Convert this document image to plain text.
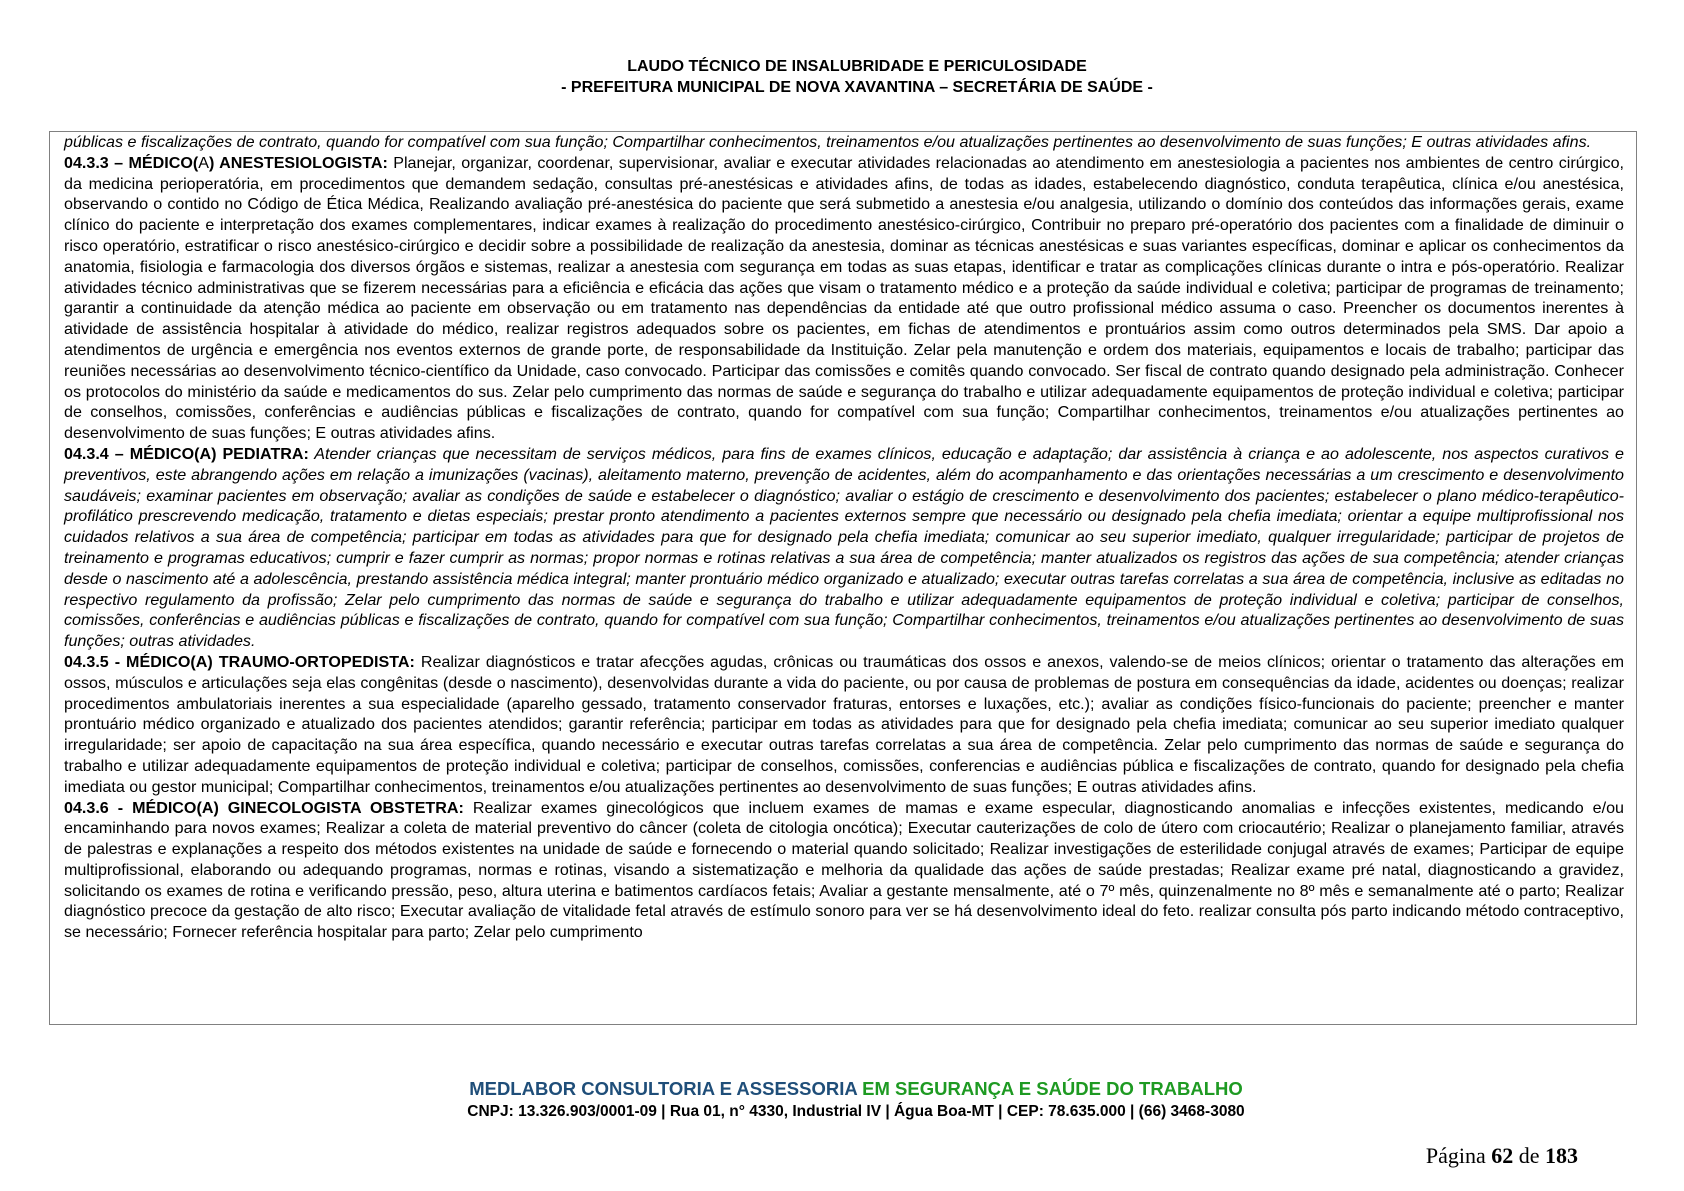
LAUDO TÉCNICO DE INSALUBRIDADE E PERICULOSIDADE
- PREFEITURA MUNICIPAL DE NOVA XAVANTINA – SECRETÁRIA DE SAÚDE -
públicas e fiscalizações de contrato, quando for compatível com sua função; Compartilhar conhecimentos, treinamentos e/ou atualizações pertinentes ao desenvolvimento de suas funções; E outras atividades afins.
04.3.3 – MÉDICO(A) ANESTESIOLOGISTA: Planejar, organizar, coordenar, supervisionar, avaliar e executar atividades relacionadas ao atendimento em anestesiologia a pacientes nos ambientes de centro cirúrgico, da medicina perioperatória, em procedimentos que demandem sedação, consultas pré-anestésicas e atividades afins, de todas as idades, estabelecendo diagnóstico, conduta terapêutica, clínica e/ou anestésica, observando o contido no Código de Ética Médica, Realizando avaliação pré-anestésica do paciente que será submetido a anestesia e/ou analgesia, utilizando o domínio dos conteúdos das informações gerais, exame clínico do paciente e interpretação dos exames complementares, indicar exames à realização do procedimento anestésico-cirúrgico, Contribuir no preparo pré-operatório dos pacientes com a finalidade de diminuir o risco operatório, estratificar o risco anestésico-cirúrgico e decidir sobre a possibilidade de realização da anestesia, dominar as técnicas anestésicas e suas variantes específicas, dominar e aplicar os conhecimentos da anatomia, fisiologia e farmacologia dos diversos órgãos e sistemas, realizar a anestesia com segurança em todas as suas etapas, identificar e tratar as complicações clínicas durante o intra e pós-operatório. Realizar atividades técnico administrativas que se fizerem necessárias para a eficiência e eficácia das ações que visam o tratamento médico e a proteção da saúde individual e coletiva; participar de programas de treinamento; garantir a continuidade da atenção médica ao paciente em observação ou em tratamento nas dependências da entidade até que outro profissional médico assuma o caso. Preencher os documentos inerentes à atividade de assistência hospitalar à atividade do médico, realizar registros adequados sobre os pacientes, em fichas de atendimentos e prontuários assim como outros determinados pela SMS. Dar apoio a atendimentos de urgência e emergência nos eventos externos de grande porte, de responsabilidade da Instituição. Zelar pela manutenção e ordem dos materiais, equipamentos e locais de trabalho; participar das reuniões necessárias ao desenvolvimento técnico-científico da Unidade, caso convocado. Participar das comissões e comitês quando convocado. Ser fiscal de contrato quando designado pela administração. Conhecer os protocolos do ministério da saúde e medicamentos do sus. Zelar pelo cumprimento das normas de saúde e segurança do trabalho e utilizar adequadamente equipamentos de proteção individual e coletiva; participar de conselhos, comissões, conferências e audiências públicas e fiscalizações de contrato, quando for compatível com sua função; Compartilhar conhecimentos, treinamentos e/ou atualizações pertinentes ao desenvolvimento de suas funções; E outras atividades afins.
04.3.4 – MÉDICO(A) PEDIATRA: Atender crianças que necessitam de serviços médicos, para fins de exames clínicos, educação e adaptação; dar assistência à criança e ao adolescente, nos aspectos curativos e preventivos, este abrangendo ações em relação a imunizações (vacinas), aleitamento materno, prevenção de acidentes, além do acompanhamento e das orientações necessárias a um crescimento e desenvolvimento saudáveis; examinar pacientes em observação; avaliar as condições de saúde e estabelecer o diagnóstico; avaliar o estágio de crescimento e desenvolvimento dos pacientes; estabelecer o plano médico-terapêutico-profilático prescrevendo medicação, tratamento e dietas especiais; prestar pronto atendimento a pacientes externos sempre que necessário ou designado pela chefia imediata; orientar a equipe multiprofissional nos cuidados relativos a sua área de competência; participar em todas as atividades para que for designado pela chefia imediata; comunicar ao seu superior imediato, qualquer irregularidade; participar de projetos de treinamento e programas educativos; cumprir e fazer cumprir as normas; propor normas e rotinas relativas a sua área de competência; manter atualizados os registros das ações de sua competência; atender crianças desde o nascimento até a adolescência, prestando assistência médica integral; manter prontuário médico organizado e atualizado; executar outras tarefas correlatas a sua área de competência, inclusive as editadas no respectivo regulamento da profissão; Zelar pelo cumprimento das normas de saúde e segurança do trabalho e utilizar adequadamente equipamentos de proteção individual e coletiva; participar de conselhos, comissões, conferências e audiências públicas e fiscalizações de contrato, quando for compatível com sua função; Compartilhar conhecimentos, treinamentos e/ou atualizações pertinentes ao desenvolvimento de suas funções; outras atividades.
04.3.5 - MÉDICO(A) TRAUMO-ORTOPEDISTA: Realizar diagnósticos e tratar afecções agudas, crônicas ou traumáticas dos ossos e anexos, valendo-se de meios clínicos; orientar o tratamento das alterações em ossos, músculos e articulações seja elas congênitas (desde o nascimento), desenvolvidas durante a vida do paciente, ou por causa de problemas de postura em consequências da idade, acidentes ou doenças; realizar procedimentos ambulatoriais inerentes a sua especialidade (aparelho gessado, tratamento conservador fraturas, entorses e luxações, etc.); avaliar as condições físico-funcionais do paciente; preencher e manter prontuário médico organizado e atualizado dos pacientes atendidos; garantir referência; participar em todas as atividades para que for designado pela chefia imediata; comunicar ao seu superior imediato qualquer irregularidade; ser apoio de capacitação na sua área específica, quando necessário e executar outras tarefas correlatas a sua área de competência. Zelar pelo cumprimento das normas de saúde e segurança do trabalho e utilizar adequadamente equipamentos de proteção individual e coletiva; participar de conselhos, comissões, conferencias e audiências pública e fiscalizações de contrato, quando for designado pela chefia imediata ou gestor municipal; Compartilhar conhecimentos, treinamentos e/ou atualizações pertinentes ao desenvolvimento de suas funções; E outras atividades afins.
04.3.6 - MÉDICO(A) GINECOLOGISTA OBSTETRA: Realizar exames ginecológicos que incluem exames de mamas e exame especular, diagnosticando anomalias e infecções existentes, medicando e/ou encaminhando para novos exames; Realizar a coleta de material preventivo do câncer (coleta de citologia oncótica); Executar cauterizações de colo de útero com criocautério; Realizar o planejamento familiar, através de palestras e explanações a respeito dos métodos existentes na unidade de saúde e fornecendo o material quando solicitado; Realizar investigações de esterilidade conjugal através de exames; Participar de equipe multiprofissional, elaborando ou adequando programas, normas e rotinas, visando a sistematização e melhoria da qualidade das ações de saúde prestadas; Realizar exame pré natal, diagnosticando a gravidez, solicitando os exames de rotina e verificando pressão, peso, altura uterina e batimentos cardíacos fetais; Avaliar a gestante mensalmente, até o 7º mês, quinzenalmente no 8º mês e semanalmente até o parto; Realizar diagnóstico precoce da gestação de alto risco; Executar avaliação de vitalidade fetal através de estímulo sonoro para ver se há desenvolvimento ideal do feto. realizar consulta pós parto indicando método contraceptivo, se necessário; Fornecer referência hospitalar para parto; Zelar pelo cumprimento
MEDLABOR CONSULTORIA E ASSESSORIA EM SEGURANÇA E SAÚDE DO TRABALHO
CNPJ: 13.326.903/0001-09 | Rua 01, n° 4330, Industrial IV | Água Boa-MT | CEP: 78.635.000 | (66) 3468-3080
Página 62 de 183
